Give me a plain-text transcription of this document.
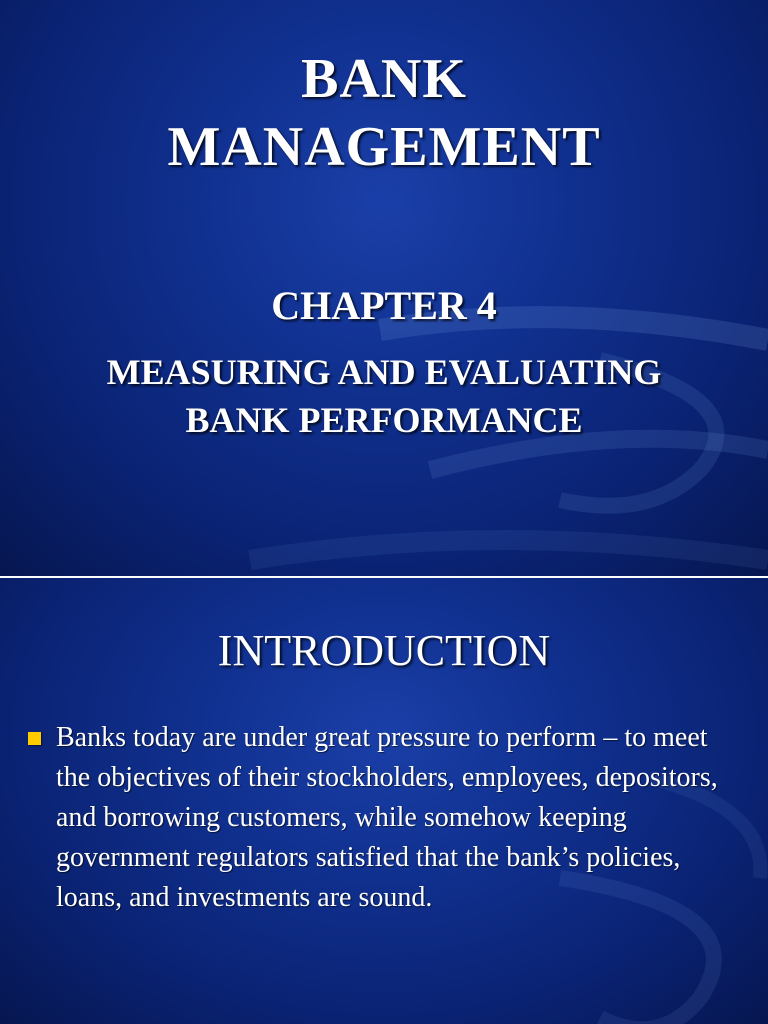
BANK
MANAGEMENT
CHAPTER 4
MEASURING AND EVALUATING
BANK PERFORMANCE
INTRODUCTION
Banks today are under great pressure to perform – to meet the objectives of their stockholders, employees, depositors, and borrowing customers, while somehow keeping government regulators satisfied that the bank’s policies, loans, and investments are sound.
